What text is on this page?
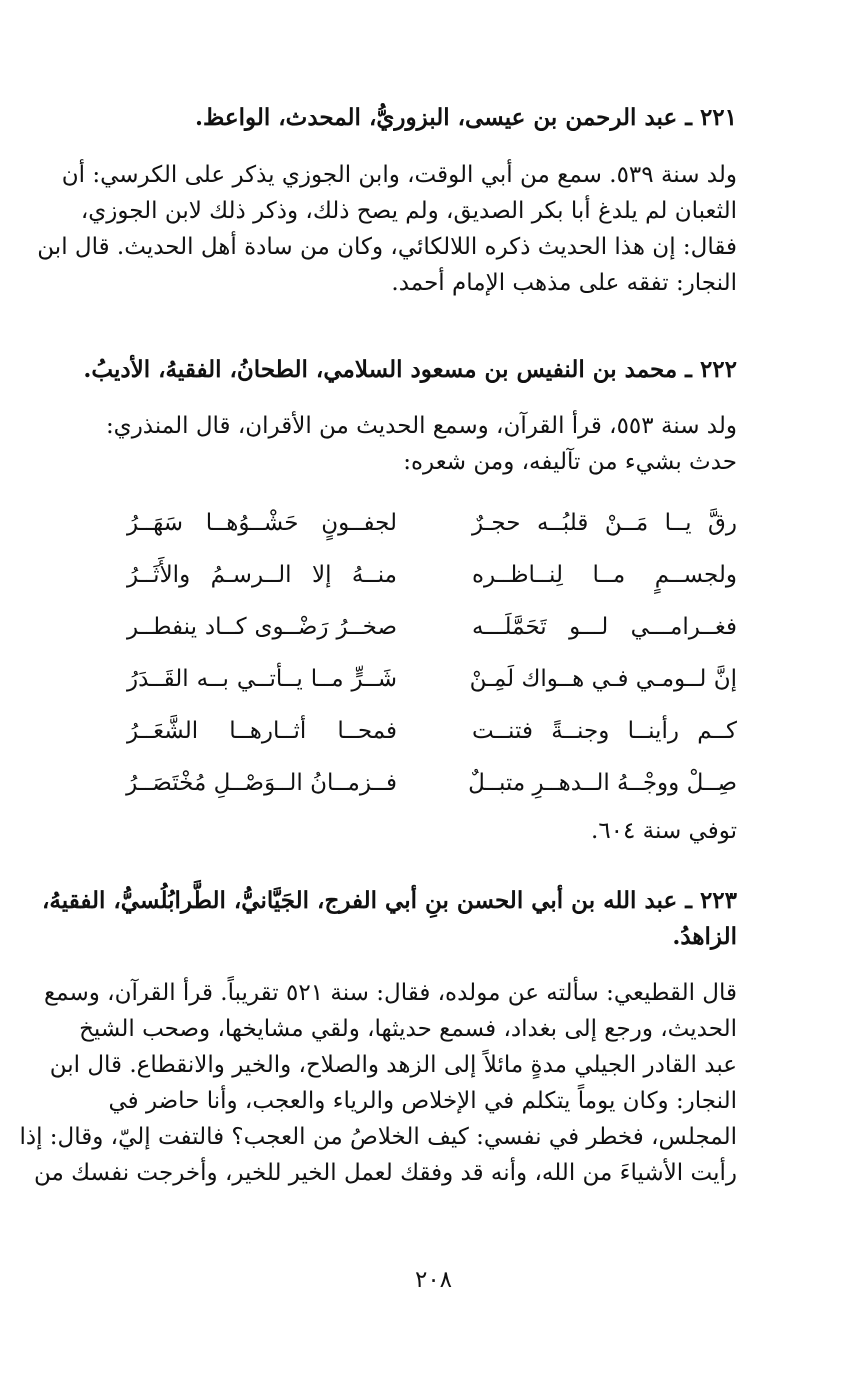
٢٢١ ـ عبد الرحمن بن عيسى، البزوريُّ، المحدث، الواعظ.
ولد سنة ٥٣٩. سمع من أبي الوقت، وابن الجوزي يذكر على الكرسي: أن
الثعبان لم يلدغ أبا بكر الصديق، ولم يصح ذلك، وذكر ذلك لابن الجوزي،
فقال: إن هذا الحديث ذكره اللالكائي، وكان من سادة أهل الحديث. قال ابن
النجار: تفقه على مذهب الإمام أحمد.
٢٢٢ ـ محمد بن النفيس بن مسعود السلامي، الطحانُ، الفقيهُ، الأديبُ.
ولد سنة ٥٥٣، قرأ القرآن، وسمع الحديث من الأقران، قال المنذري:
حدث بشيء من تآليفه، ومن شعره:
رقَّ يــا مَــنْ قلبُــه حجـرٌ
لجفــونٍ حَشْــوُهــا سَهَــرُ
ولجســمٍ مــا لِنــاظــره
منــهُ إلا الــرسـمُ والأَثَــرُ
فغــرامـــي لـــو تَحَمَّلَـــه
صخــرُ رَضْــوى كــاد ينفطــر
إنَّ لــومـي فـي هــواك لَمِـنْ
شَــرٍّ مــا يــأتــي بــه القَــدَرُ
كــم رأينــا وجنــةً فتنــت
فمحــا أثــارهــا الشَّعَــرُ
صِــلْ ووجْــهُ الــدهــرِ متبــلٌ
فــزمــانُ الــوَصْــلِ مُخْتَصَــرُ
توفي سنة ٦٠٤.
٢٢٣ ـ عبد الله بن أبي الحسن بنِ أبي الفرج، الجَيَّانيُّ، الطَّرابُلُسيُّ، الفقيهُ،
الزاهدُ.
قال القطيعي: سألته عن مولده، فقال: سنة ٥٢١ تقريباً. قرأ القرآن، وسمع
الحديث، ورجع إلى بغداد، فسمع حديثها، ولقي مشايخها، وصحب الشيخ
عبد القادر الجيلي مدةٍ مائلاً إلى الزهد والصلاح، والخير والانقطاع. قال ابن
النجار: وكان يوماً يتكلم في الإخلاص والرياء والعجب، وأنا حاضر في
المجلس، فخطر في نفسي: كيف الخلاصُ من العجب؟ فالتفت إليّ، وقال: إذا
رأيت الأشياءَ من الله، وأنه قد وفقك لعمل الخير للخير، وأخرجت نفسك من
٢٠٨
